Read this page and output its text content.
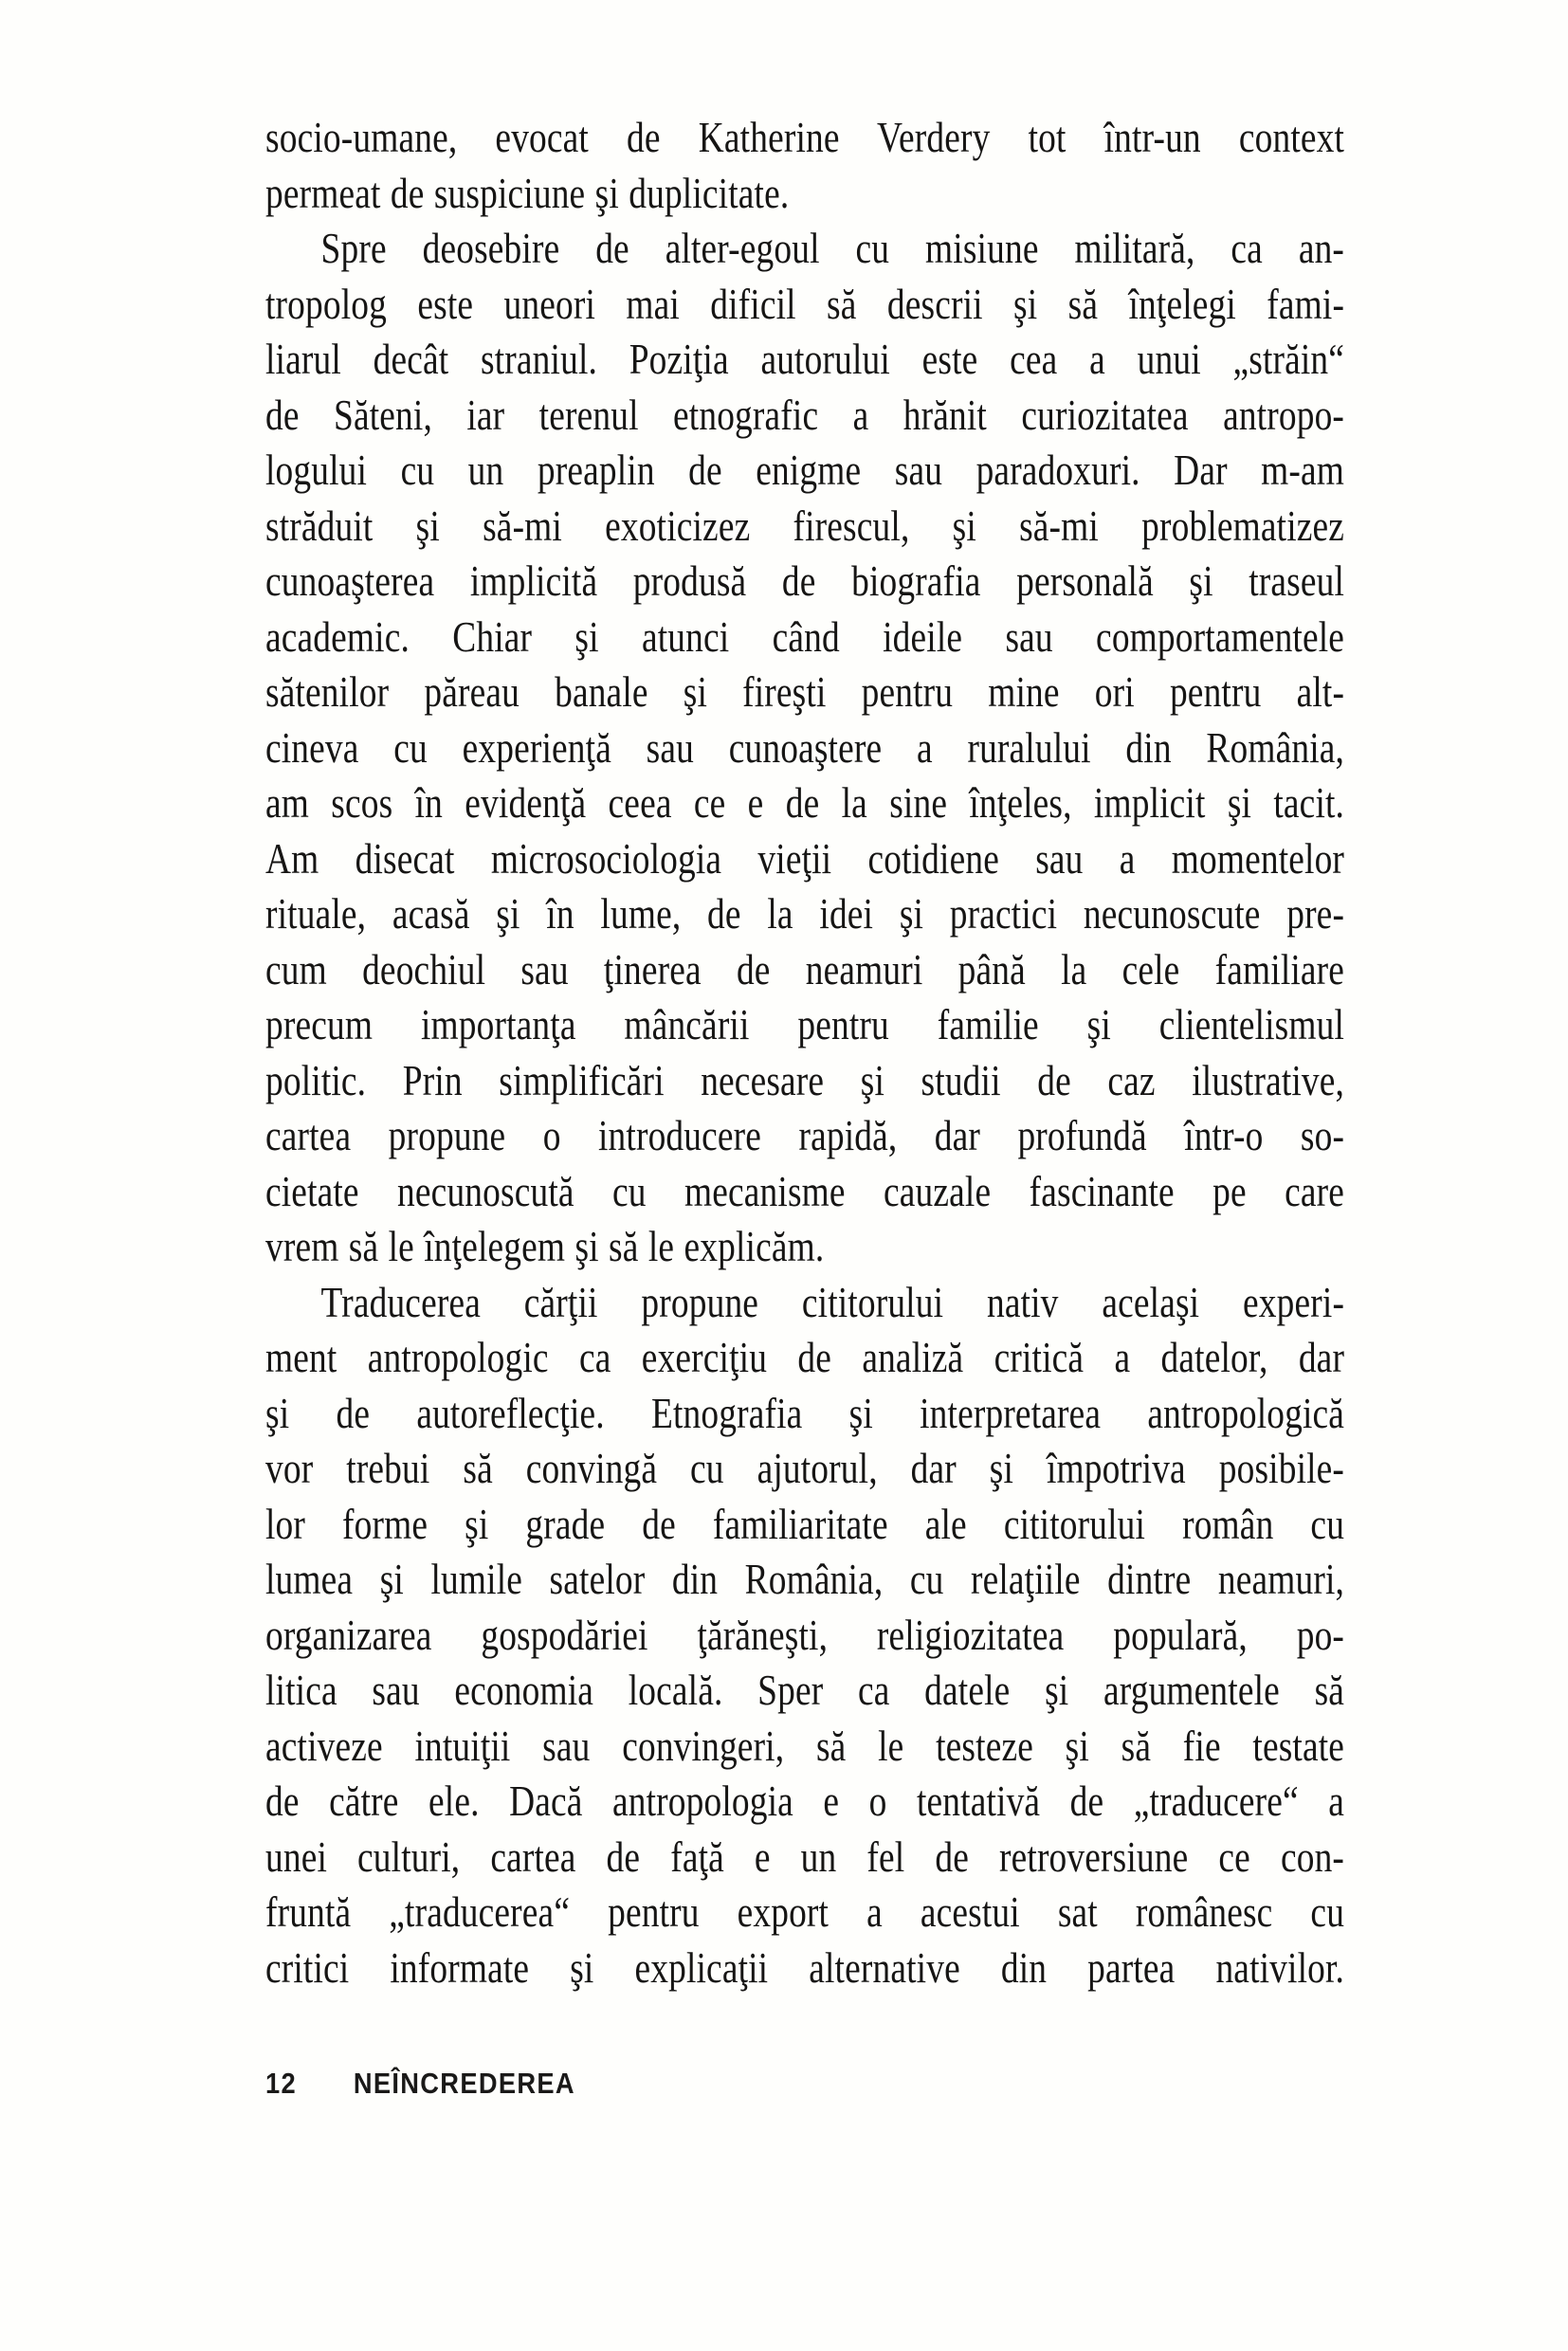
socio-umane, evocat de Katherine Verdery tot într-un context
permeat de suspiciune şi duplicitate.
Spre deosebire de alter-egoul cu misiune militară, ca an-
tropolog este uneori mai dificil să descrii şi să înţelegi fami-
liarul decât straniul. Poziţia autorului este cea a unui „străin“
de Săteni, iar terenul etnografic a hrănit curiozitatea antropo-
logului cu un preaplin de enigme sau paradoxuri. Dar m-am
străduit şi să-mi exoticizez firescul, şi să-mi problematizez
cunoaşterea implicită produsă de biografia personală şi traseul
academic. Chiar şi atunci când ideile sau comportamentele
sătenilor păreau banale şi fireşti pentru mine ori pentru alt-
cineva cu experienţă sau cunoaştere a ruralului din România,
am scos în evidenţă ceea ce e de la sine înţeles, implicit şi tacit.
Am disecat microsociologia vieţii cotidiene sau a momentelor
rituale, acasă şi în lume, de la idei şi practici necunoscute pre-
cum deochiul sau ţinerea de neamuri până la cele familiare
precum importanţa mâncării pentru familie şi clientelismul
politic. Prin simplificări necesare şi studii de caz ilustrative,
cartea propune o introducere rapidă, dar profundă într-o so-
cietate necunoscută cu mecanisme cauzale fascinante pe care
vrem să le înţelegem şi să le explicăm.
Traducerea cărţii propune cititorului nativ acelaşi experi-
ment antropologic ca exerciţiu de analiză critică a datelor, dar
şi de autoreflecţie. Etnografia şi interpretarea antropologică
vor trebui să convingă cu ajutorul, dar şi împotriva posibile-
lor forme şi grade de familiaritate ale cititorului român cu
lumea şi lumile satelor din România, cu relaţiile dintre neamuri,
organizarea gospodăriei ţărăneşti, religiozitatea populară, po-
litica sau economia locală. Sper ca datele şi argumentele să
activeze intuiţii sau convingeri, să le testeze şi să fie testate
de către ele. Dacă antropologia e o tentativă de „traducere“ a
unei culturi, cartea de faţă e un fel de retroversiune ce con-
fruntă „traducerea“ pentru export a acestui sat românesc cu
critici informate şi explicaţii alternative din partea nativilor.
12 NEÎNCREDEREA
